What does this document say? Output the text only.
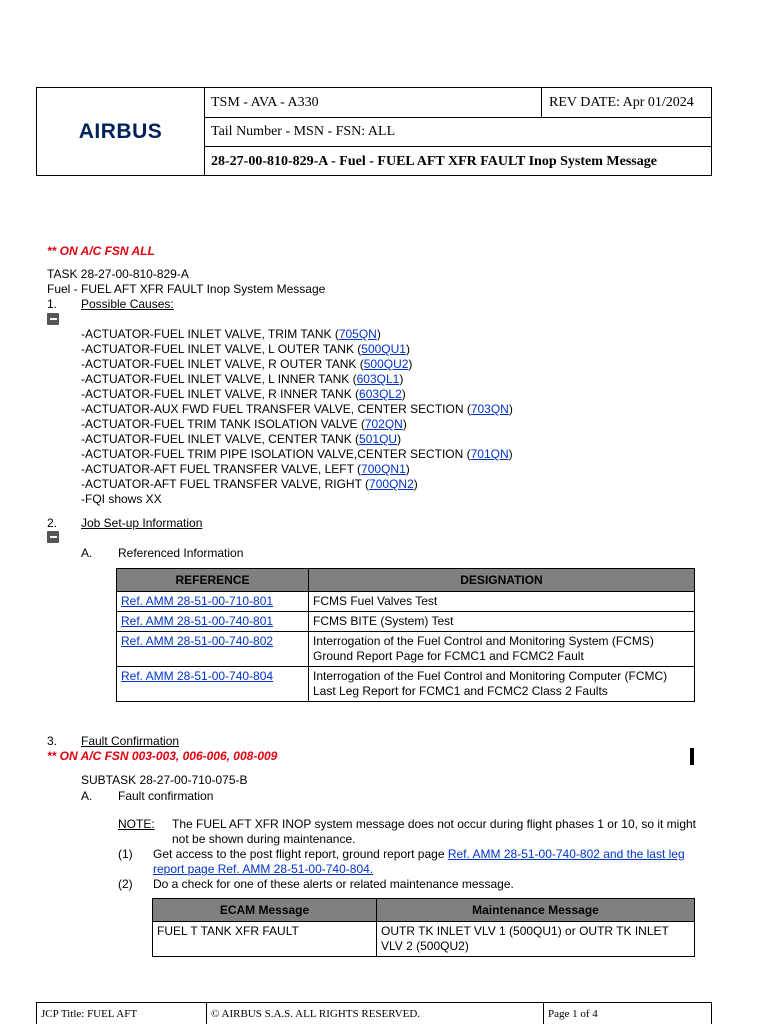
AIRBUS
TSM - AVA - A330	REV DATE: Apr 01/2024
Tail Number - MSN - FSN: ALL
28-27-00-810-829-A - Fuel - FUEL AFT XFR FAULT Inop System Message
** ON A/C FSN ALL
TASK 28-27-00-810-829-A
Fuel - FUEL AFT XFR FAULT Inop System Message
1. Possible Causes:
-ACTUATOR-FUEL INLET VALVE, TRIM TANK (705QN)
-ACTUATOR-FUEL INLET VALVE, L OUTER TANK (500QU1)
-ACTUATOR-FUEL INLET VALVE, R OUTER TANK (500QU2)
-ACTUATOR-FUEL INLET VALVE, L INNER TANK (603QL1)
-ACTUATOR-FUEL INLET VALVE, R INNER TANK (603QL2)
-ACTUATOR-AUX FWD FUEL TRANSFER VALVE, CENTER SECTION (703QN)
-ACTUATOR-FUEL TRIM TANK ISOLATION VALVE (702QN)
-ACTUATOR-FUEL INLET VALVE, CENTER TANK (501QU)
-ACTUATOR-FUEL TRIM PIPE ISOLATION VALVE,CENTER SECTION (701QN)
-ACTUATOR-AFT FUEL TRANSFER VALVE, LEFT (700QN1)
-ACTUATOR-AFT FUEL TRANSFER VALVE, RIGHT (700QN2)
-FQI shows XX
2. Job Set-up Information
A. Referenced Information
REFERENCE	DESIGNATION
Ref. AMM 28-51-00-710-801	FCMS Fuel Valves Test
Ref. AMM 28-51-00-740-801	FCMS BITE (System) Test
Ref. AMM 28-51-00-740-802	Interrogation of the Fuel Control and Monitoring System (FCMS) Ground Report Page for FCMC1 and FCMC2 Fault
Ref. AMM 28-51-00-740-804	Interrogation of the Fuel Control and Monitoring Computer (FCMC) Last Leg Report for FCMC1 and FCMC2 Class 2 Faults
3. Fault Confirmation
** ON A/C FSN 003-003, 006-006, 008-009
SUBTASK 28-27-00-710-075-B
A. Fault confirmation
NOTE: The FUEL AFT XFR INOP system message does not occur during flight phases 1 or 10, so it might not be shown during maintenance.
(1) Get access to the post flight report, ground report page Ref. AMM 28-51-00-740-802 and the last leg report page Ref. AMM 28-51-00-740-804.
(2) Do a check for one of these alerts or related maintenance message.
ECAM Message	Maintenance Message
FUEL T TANK XFR FAULT	OUTR TK INLET VLV 1 (500QU1) or OUTR TK INLET VLV 2 (500QU2)
JCP Title: FUEL AFT	© AIRBUS S.A.S. ALL RIGHTS RESERVED.	Page 1 of 4
